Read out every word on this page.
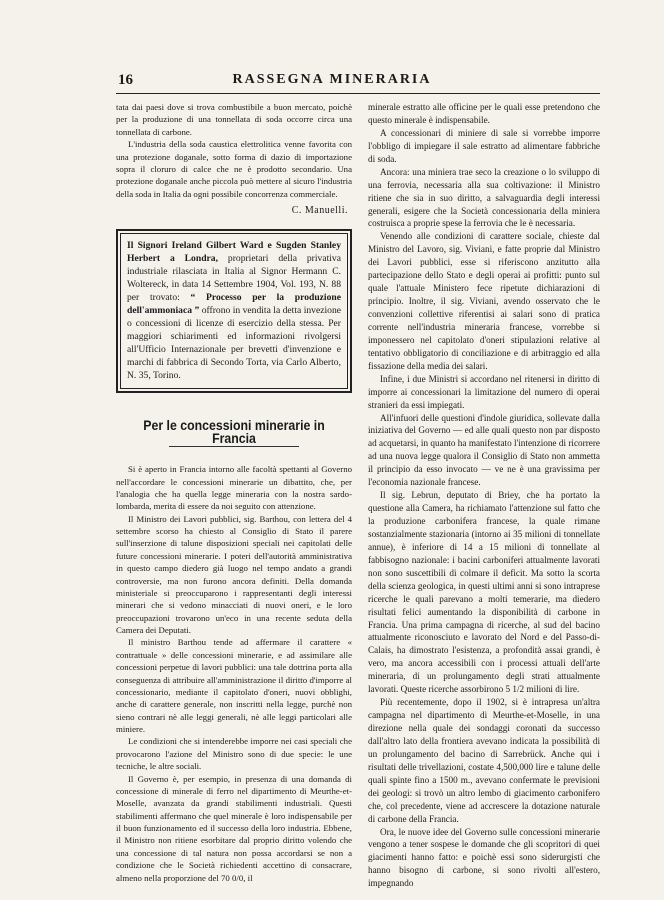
16	RASSEGNA MINERARIA

tata dai paesi dove si trova combustibile a buon mercato, poichè per la produzione di una tonnellata di soda occorre circa una tonnellata di carbone.

L'industria della soda caustica elettrolitica venne favorita con una protezione doganale, sotto forma di dazio di importazione sopra il cloruro di calce che ne è prodotto secondario. Una protezione doganale anche piccola può mettere al sicuro l'industria della soda in Italia da ogni possibile concorrenza commerciale.

C. Manuelli.
Il Signori Ireland Gilbert Ward e Sugden Stanley Herbert a Londra, proprietari della privativa industriale rilasciata in Italia al Signor Hermann C. Woltereck, in data 14 Settembre 1904, Vol. 193, N. 88 per trovato: “ Processo per la produzione dell'ammoniaca ” offrono in vendita la detta invezione o concessioni di licenze di esercizio della stessa. Per maggiori schiarimenti ed informazioni rivolgersi all'Ufficio Internazionale per brevetti d'invenzione e marchi di fabbrica di Secondo Torta, via Carlo Alberto, N. 35, Torino.
Per le concessioni minerarie in Francia

Si è aperto in Francia intorno alle facoltà spettanti al Governo nell'accordare le concessioni minerarie un dibattito, che, per l'analogia che ha quella legge mineraria con la nostra sardo-lombarda, merita di essere da noi seguito con attenzione.

Il Ministro dei Lavori pubblici, sig. Barthou, con lettera del 4 settembre scorso ha chiesto al Consiglio di Stato il parere sull'inserzione di talune disposizioni speciali nei capitolati delle future concessioni minerarie. I poteri dell'autorità amministrativa in questo campo diedero già luogo nel tempo andato a grandi controversie, ma non furono ancora definiti. Della domanda ministeriale si preoccuparono i rappresentanti degli interessi minerari che si vedono minacciati di nuovi oneri, e le loro preoccupazioni trovarono un'eco in una recente seduta della Camera dei Deputati.

Il ministro Barthou tende ad affermare il carattere « contrattuale » delle concessioni minerarie, e ad assimilare alle concessioni perpetue di lavori pubblici: una tale dottrina porta alla conseguenza di attribuire all'amministrazione il diritto d'imporre al concessionario, mediante il capitolato d'oneri, nuovi obblighi, anche di carattere generale, non inscritti nella legge, purchè non sieno contrari nè alle leggi generali, nè alle leggi particolari alle miniere.

Le condizioni che si intenderebbe imporre nei casi speciali che provocarono l'azione del Ministro sono di due specie: le une tecniche, le altre sociali.

Il Governo è, per esempio, in presenza di una domanda di concessione di minerale di ferro nel dipartimento di Meurthe-et-Moselle, avanzata da grandi stabilimenti industriali. Questi stabilimenti affermano che quel minerale è loro indispensabile per il buon funzionamento ed il successo della loro industria. Ebbene, il Ministro non ritiene esorbitare dal proprio diritto volendo che una concessione di tal natura non possa accordarsi se non a condizione che le Società richiedenti accettino di consacrare, almeno nella proporzione del 70 0/0, il

minerale estratto alle officine per le quali esse pretendono che questo minerale è indispensabile.

A concessionari di miniere di sale si vorrebbe imporre l'obbligo di impiegare il sale estratto ad alimentare fabbriche di soda.

Ancora: una miniera trae seco la creazione o lo sviluppo di una ferrovia, necessaria alla sua coltivazione: il Ministro ritiene che sia in suo diritto, a salvaguardia degli interessi generali, esigere che la Società concessionaria della miniera costruisca a proprie spese la ferrovia che le è necessaria.

Venendo alle condizioni di carattere sociale, chieste dal Ministro del Lavoro, sig. Viviani, e fatte proprie dal Ministro dei Lavori pubblici, esse si riferiscono anzitutto alla partecipazione dello Stato e degli operai ai profitti: punto sul quale l'attuale Ministero fece ripetute dichiarazioni di principio. Inoltre, il sig. Viviani, avendo osservato che le convenzioni collettive riferentisi ai salari sono di pratica corrente nell'industria mineraria francese, vorrebbe si imponessero nel capitolato d'oneri stipulazioni relative al tentativo obbligatorio di conciliazione e di arbitraggio ed alla fissazione della media dei salari.

Infine, i due Ministri si accordano nel ritenersi in diritto di imporre ai concessionari la limitazione del numero di operai stranieri da essi impiegati.

All'infuori delle questioni d'indole giuridica, sollevate dalla iniziativa del Governo — ed alle quali questo non par disposto ad acquetarsi, in quanto ha manifestato l'intenzione di ricorrere ad una nuova legge qualora il Consiglio di Stato non ammetta il principio da esso invocato — ve ne è una gravissima per l'economia nazionale francese.

Il sig. Lebrun, deputato di Briey, che ha portato la questione alla Camera, ha richiamato l'attenzione sul fatto che la produzione carbonifera francese, la quale rimane sostanzialmente stazionaria (intorno ai 35 milioni di tonnellate annue), è inferiore di 14 a 15 milioni di tonnellate al fabbisogno nazionale: i bacini carboniferi attualmente lavorati non sono suscettibili di colmare il deficit. Ma sotto la scorta della scienza geologica, in questi ultimi anni si sono intraprese ricerche le quali parevano a molti temerarie, ma diedero risultati felici aumentando la disponibilità di carbone in Francia. Una prima campagna di ricerche, al sud del bacino attualmente riconosciuto e lavorato del Nord e del Passo-di-Calais, ha dimostrato l'esistenza, a profondità assai grandi, è vero, ma ancora accessibili con i processi attuali dell'arte mineraria, di un prolungamento degli strati attualmente lavorati. Queste ricerche assorbirono 5 1/2 milioni di lire.

Più recentemente, dopo il 1902, si è intrapresa un'altra campagna nel dipartimento di Meurthe-et-Moselle, in una direzione nella quale dei sondaggi coronati da successo dall'altro lato della frontiera avevano indicata la possibilità di un prolungamento del bacino di Sarrebrück. Anche qui i risultati delle trivellazioni, costate 4,500,000 lire e talune delle quali spinte fino a 1500 m., avevano confermate le previsioni dei geologi: si trovò un altro lembo di giacimento carbonifero che, col precedente, viene ad accrescere la dotazione naturale di carbone della Francia.

Ora, le nuove idee del Governo sulle concessioni minerarie vengono a tener sospese le domande che gli scopritori di quei giacimenti hanno fatto: e poichè essi sono siderurgisti che hanno bisogno di carbone, si sono rivolti all'estero, impegnando
